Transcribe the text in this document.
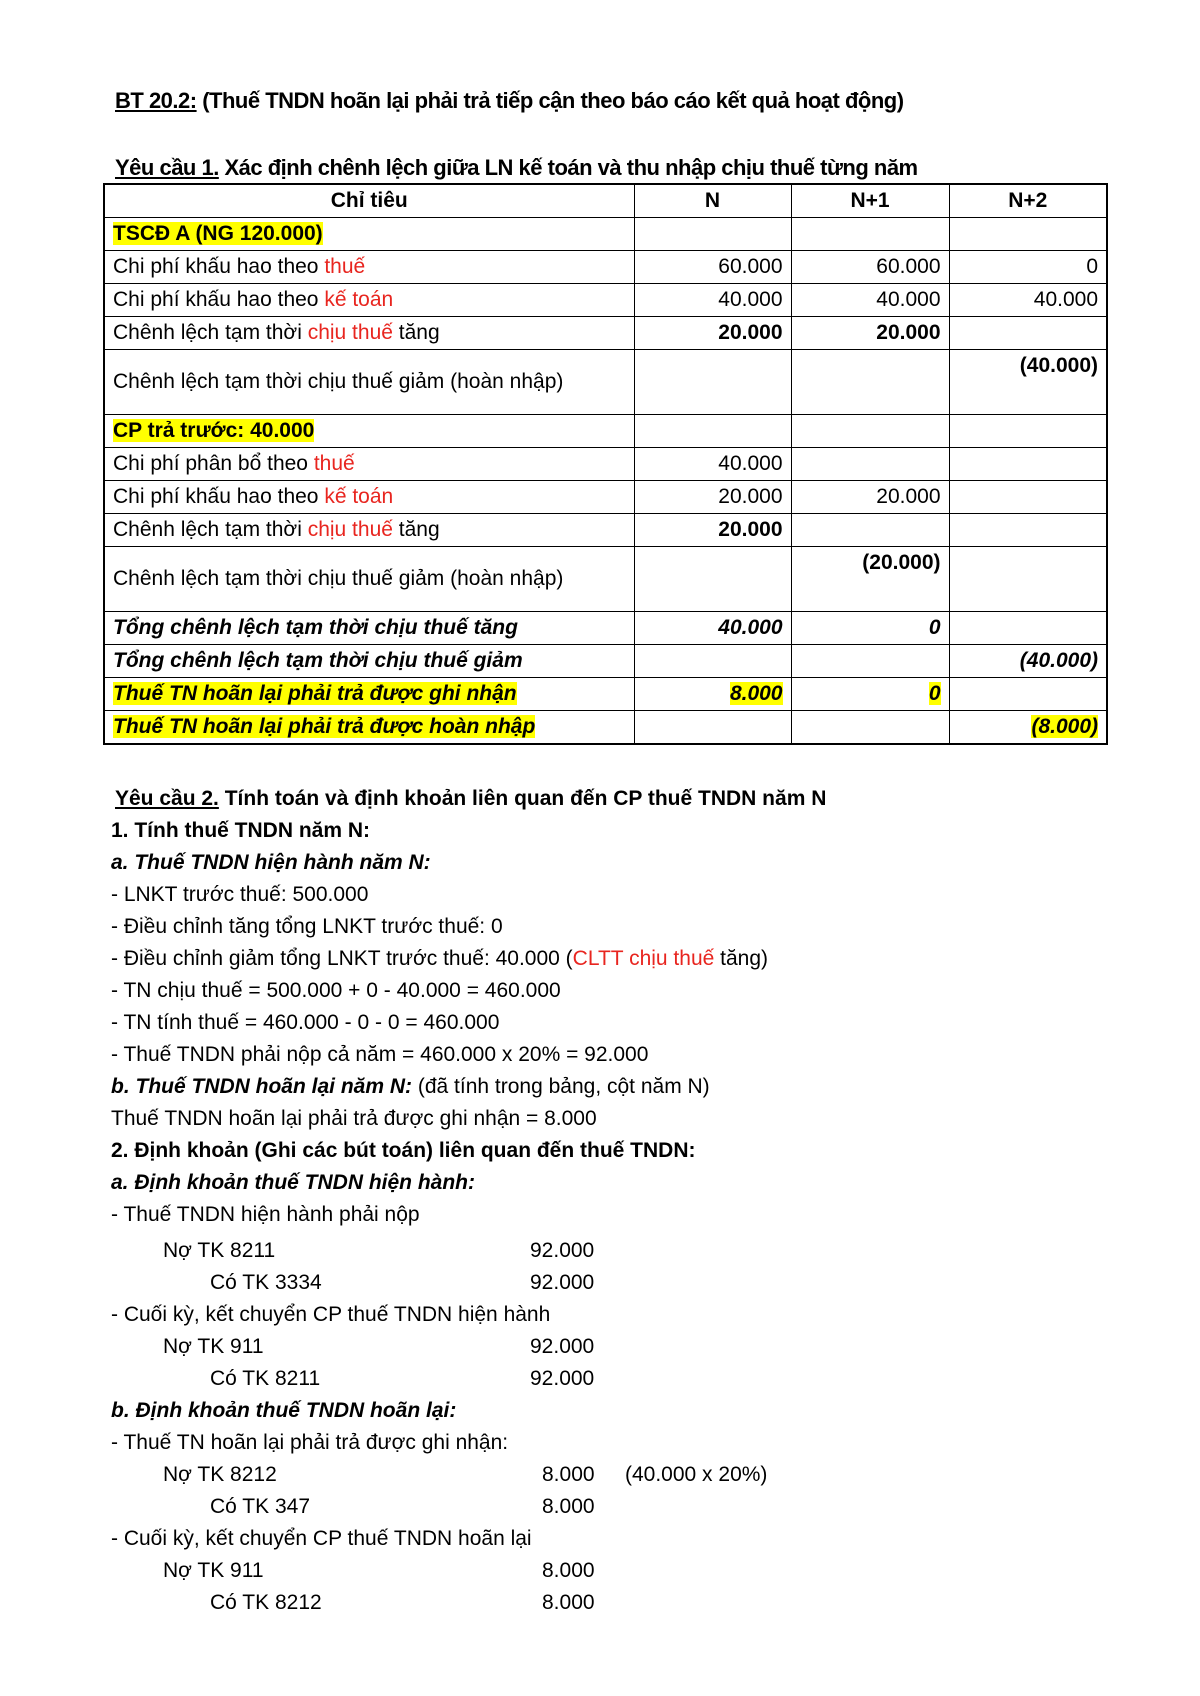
BT 20.2: (Thuế TNDN hoãn lại phải trả tiếp cận theo báo cáo kết quả hoạt động)
Yêu cầu 1. Xác định chênh lệch giữa LN kế toán và thu nhập chịu thuế từng năm
Chỉ tiêu	N	N+1	N+2
TSCĐ A (NG 120.000)			
Chi phí khấu hao theo thuế	60.000	60.000	0
Chi phí khấu hao theo kế toán	40.000	40.000	40.000
Chênh lệch tạm thời chịu thuế tăng	20.000	20.000	
Chênh lệch tạm thời chịu thuế giảm (hoàn nhập)			(40.000)
CP trả trước: 40.000			
Chi phí phân bổ theo thuế	40.000		
Chi phí khấu hao theo kế toán	20.000	20.000	
Chênh lệch tạm thời chịu thuế tăng	20.000		
Chênh lệch tạm thời chịu thuế giảm (hoàn nhập)		(20.000)	
Tổng chênh lệch tạm thời chịu thuế tăng	40.000	0	
Tổng chênh lệch tạm thời chịu thuế giảm			(40.000)
Thuế TN hoãn lại phải trả được ghi nhận	8.000	0	
Thuế TN hoãn lại phải trả được hoàn nhập			(8.000)
Yêu cầu 2. Tính toán và định khoản liên quan đến CP thuế TNDN năm N
1. Tính thuế TNDN năm N:
a. Thuế TNDN hiện hành năm N:
- LNKT trước thuế: 500.000
- Điều chỉnh tăng tổng LNKT trước thuế: 0
- Điều chỉnh giảm tổng LNKT trước thuế: 40.000 (CLTT chịu thuế tăng)
- TN chịu thuế = 500.000 + 0 - 40.000 = 460.000
- TN tính thuế = 460.000 - 0 - 0 = 460.000
- Thuế TNDN phải nộp cả năm = 460.000 x 20% = 92.000
b. Thuế TNDN hoãn lại năm N: (đã tính trong bảng, cột năm N)
Thuế TNDN hoãn lại phải trả được ghi nhận = 8.000
2. Định khoản (Ghi các bút toán) liên quan đến thuế TNDN:
a. Định khoản thuế TNDN hiện hành:
- Thuế TNDN hiện hành phải nộp
Nợ TK 8211	92.000
Có TK 3334	92.000
- Cuối kỳ, kết chuyển CP thuế TNDN hiện hành
Nợ TK 911	92.000
Có TK 8211	92.000
b. Định khoản thuế TNDN hoãn lại:
- Thuế TN hoãn lại phải trả được ghi nhận:
Nợ TK 8212	8.000 (40.000 x 20%)
Có TK 347	8.000
- Cuối kỳ, kết chuyển CP thuế TNDN hoãn lại
Nợ TK 911	8.000
Có TK 8212	8.000
